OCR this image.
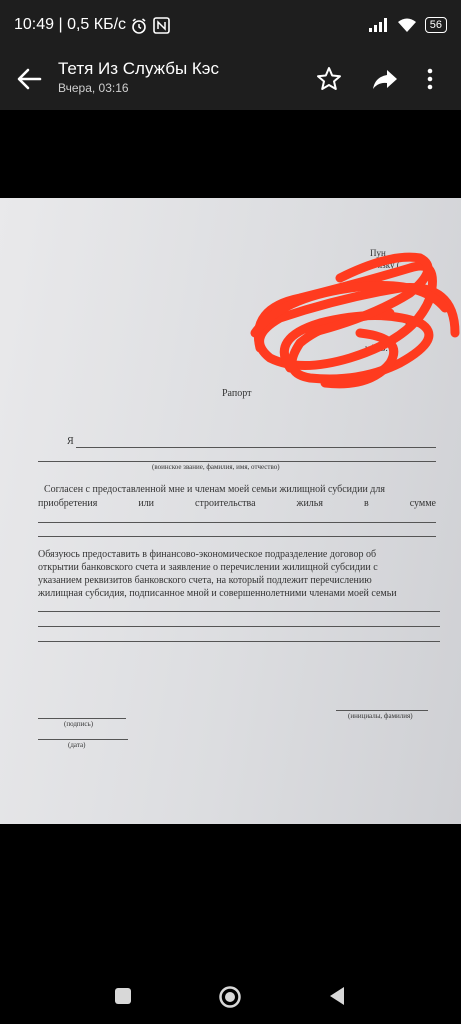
10:49 | 0,5 КБ/с	56
Тетя Из Службы Кэс
Вчера, 03:16
Пун
язку (
ия
у Е.В.
Рапорт
Я
(воинское звание, фамилия, имя, отчество)
Согласен с предоставленной мне и членам моей семьи жилищной субсидии для
приобретения	или	строительства	жилья	в	сумме
Обязуюсь предоставить в финансово-экономическое подразделение договор об
открытии банковского счета и заявление о перечислении жилищной субсидии с
указанием реквизитов банковского счета, на который подлежит перечислению
жилищная субсидия, подписанное мной и совершеннолетними членами моей семьи
(подпись)
(дата)
(инициалы, фамилия)
